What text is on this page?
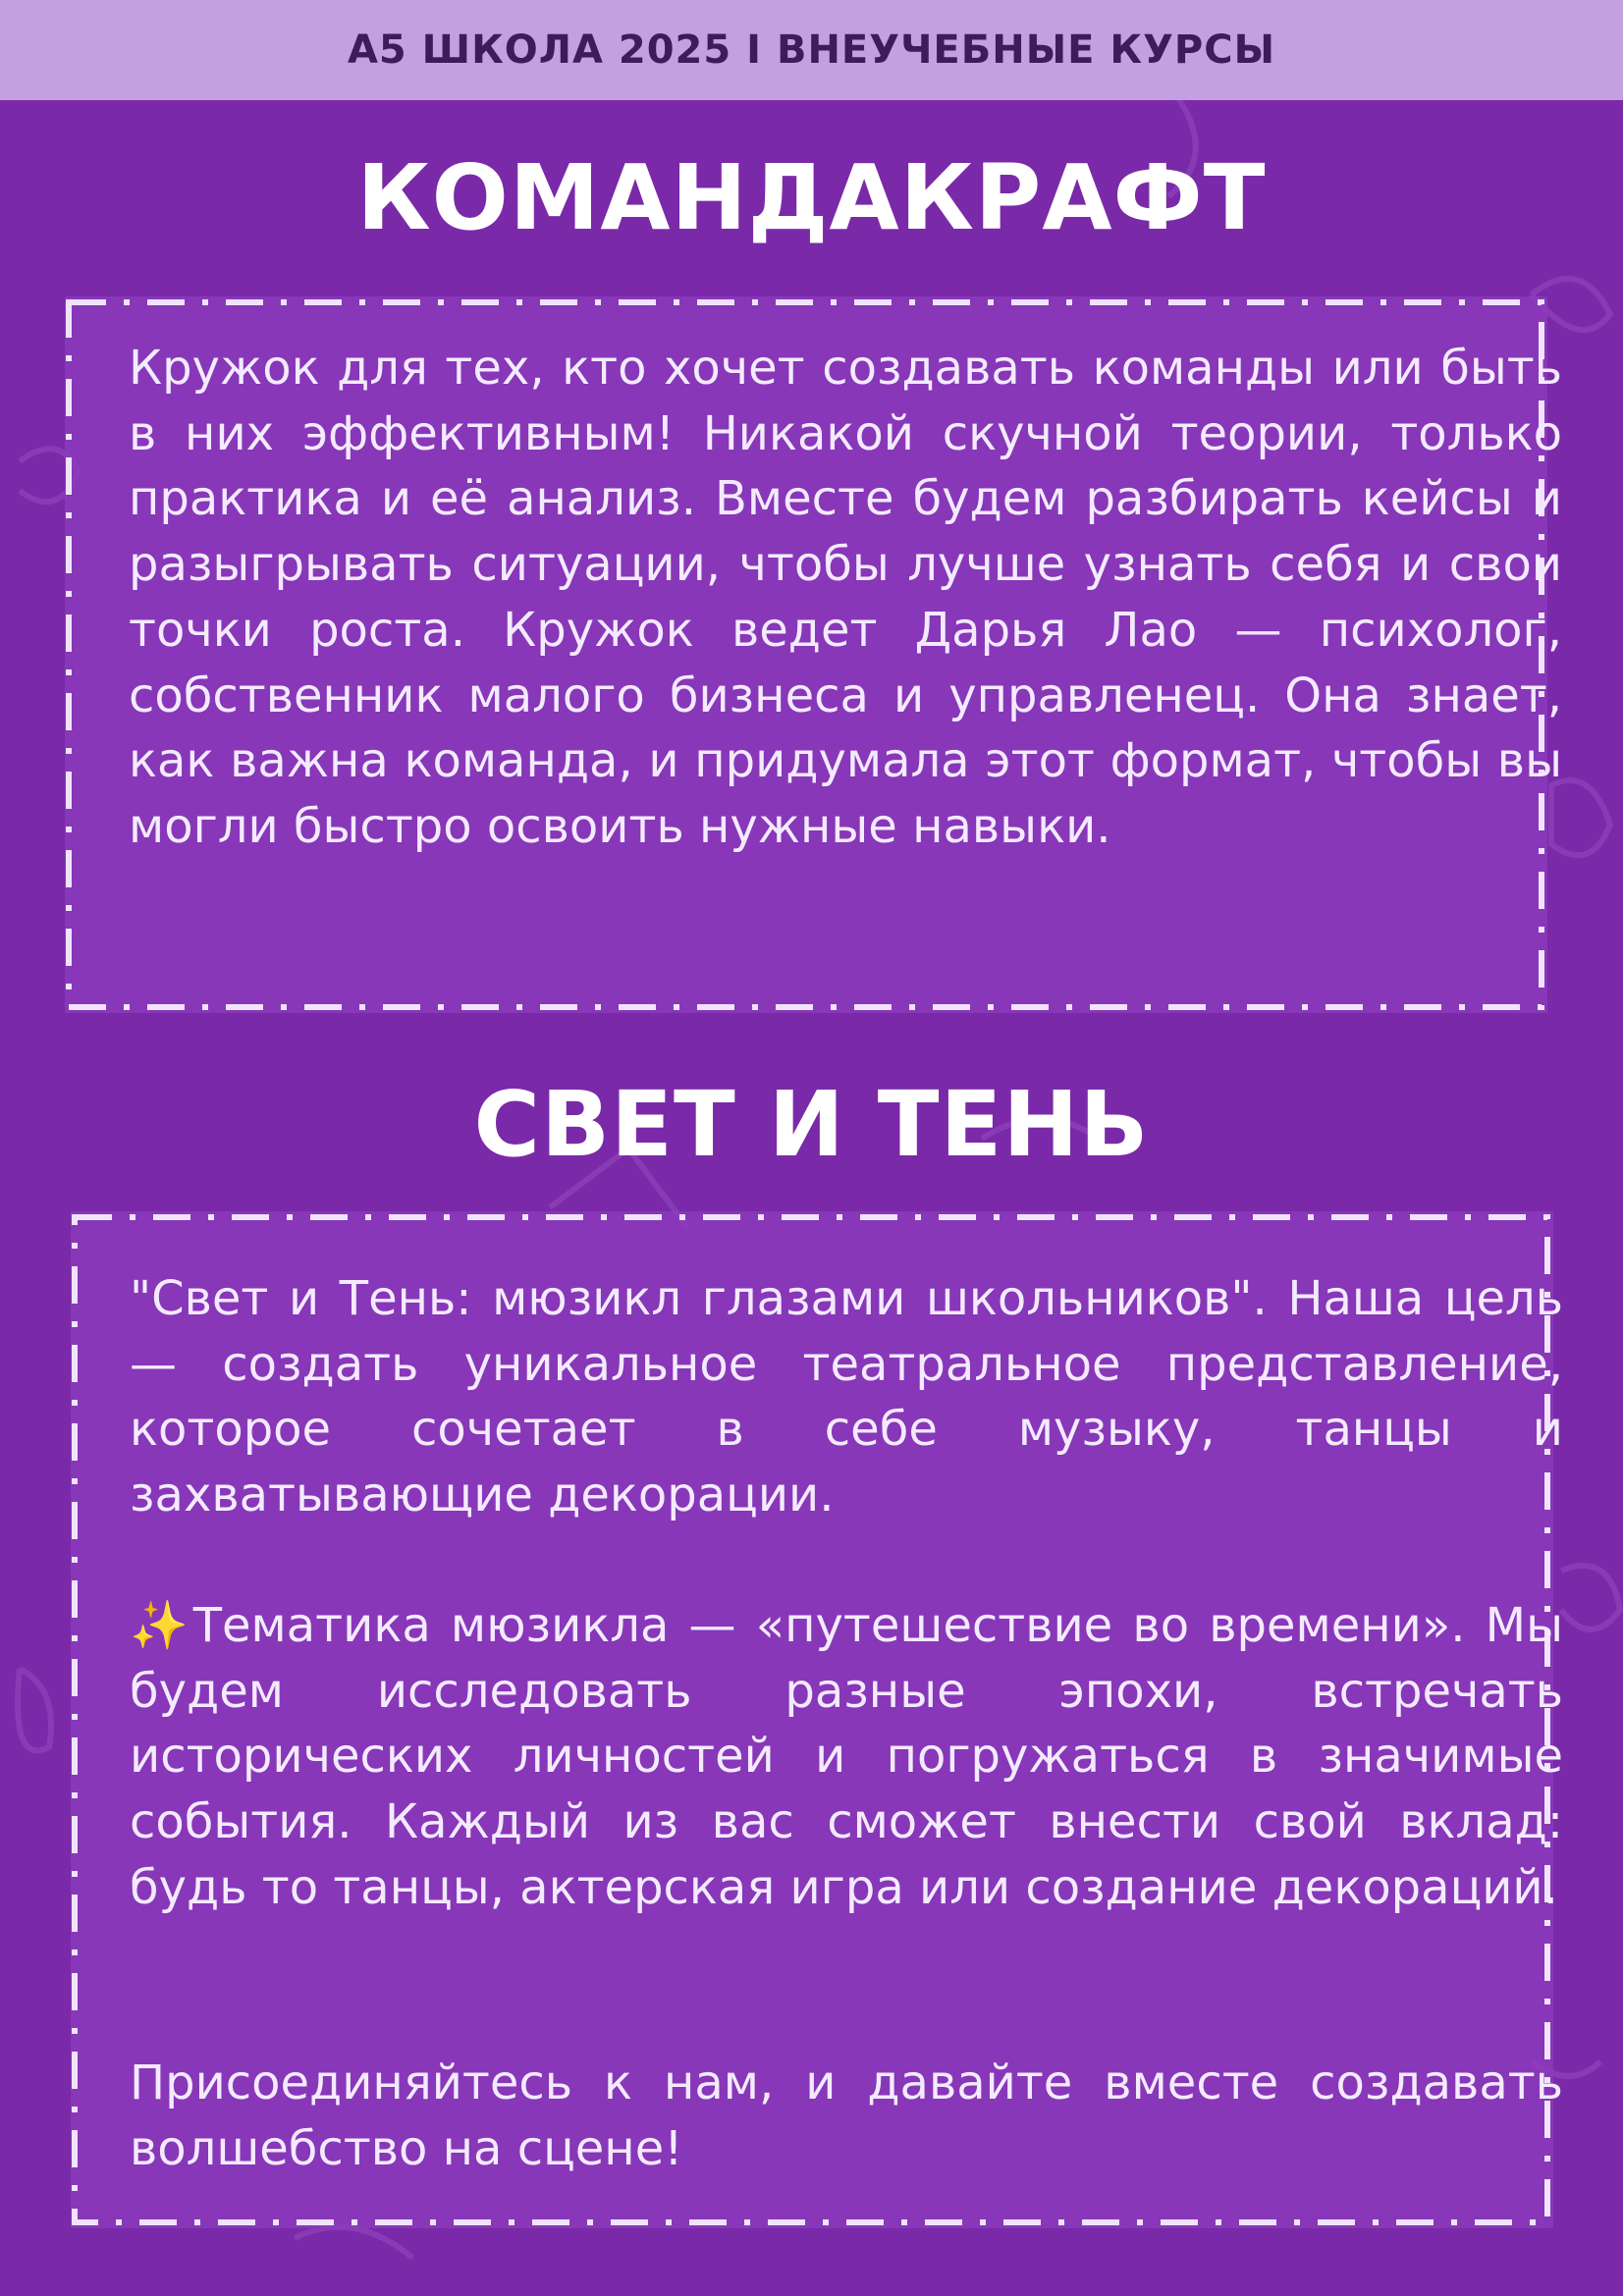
А5 ШКОЛА 2025 I ВНЕУЧЕБНЫЕ КУРСЫ
КОМАНДАКРАФТ

Кружок для тех, кто хочет создавать команды или быть в них эффективным! Никакой скучной теории, только практика и её анализ. Вместе будем разбирать кейсы и разыгрывать ситуации, чтобы лучше узнать себя и свои точки роста. Кружок ведет Дарья Лао — психолог, собственник малого бизнеса и управленец. Она знает, как важна команда, и придумала этот формат, чтобы вы могли быстро освоить нужные навыки.

СВЕТ И ТЕНЬ

"Свет и Тень: мюзикл глазами школьников". Наша цель — создать уникальное театральное представление, которое сочетает в себе музыку, танцы и захватывающие декорации.

✨Тематика мюзикла — «путешествие во времени». Мы будем исследовать разные эпохи, встречать исторических личностей и погружаться в значимые события. Каждый из вас сможет внести свой вклад: будь то танцы, актерская игра или создание декораций.

Присоединяйтесь к нам, и давайте вместе создавать волшебство на сцене!
